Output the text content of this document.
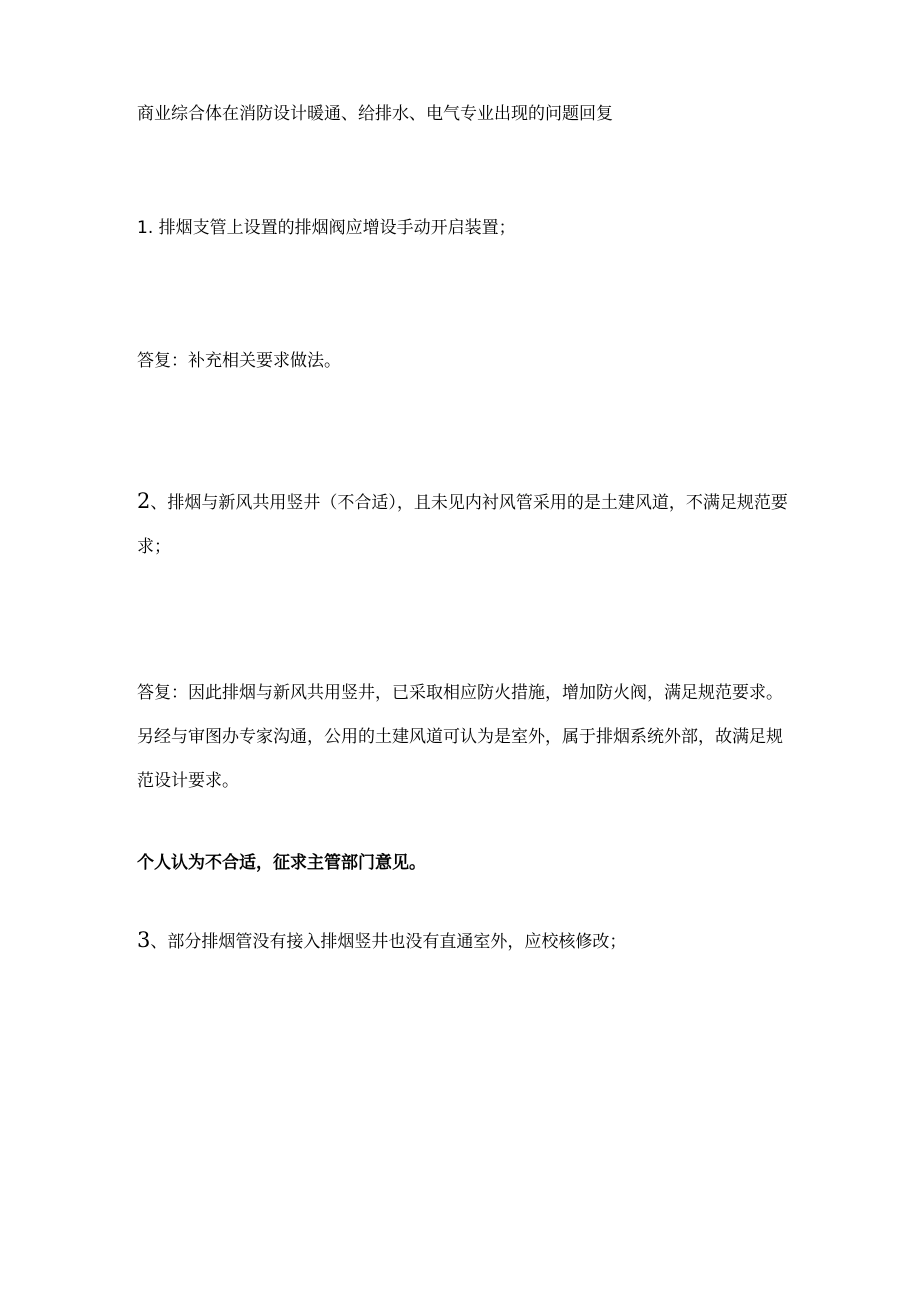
商业综合体在消防设计暖通、给排水、电气专业出现的问题回复

1. 排烟支管上设置的排烟阀应增设手动开启装置；

答复：补充相关要求做法。

2、排烟与新风共用竖井（不合适），且未见内衬风管采用的是土建风道，不满足规范要求；

答复：因此排烟与新风共用竖井，已采取相应防火措施，增加防火阀，满足规范要求。另经与审图办专家沟通，公用的土建风道可认为是室外，属于排烟系统外部，故满足规范设计要求。

个人认为不合适，征求主管部门意见。

3、部分排烟管没有接入排烟竖井也没有直通室外，应校核修改；
